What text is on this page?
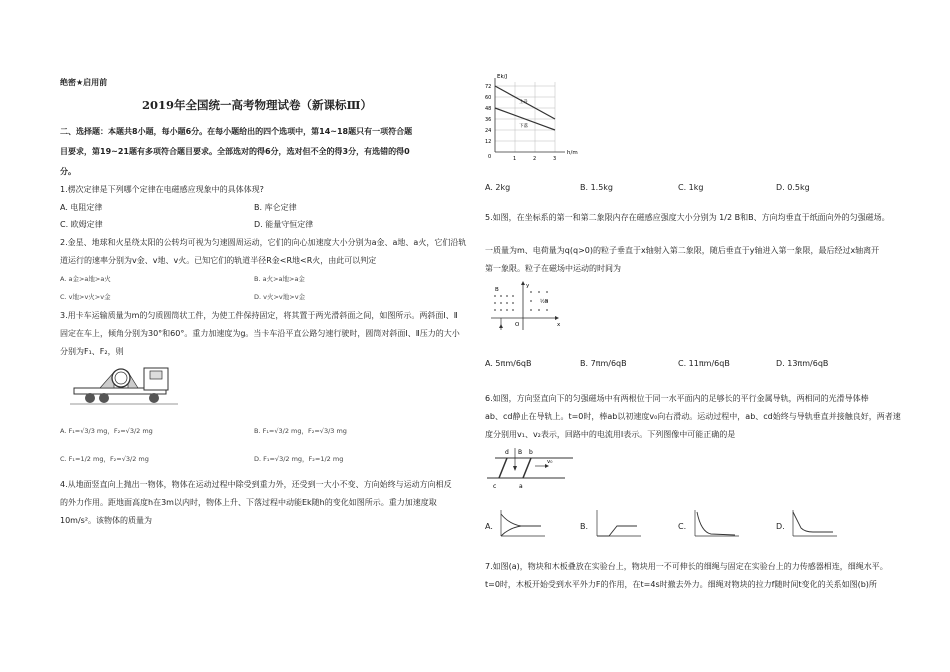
绝密★启用前
2019年全国统一高考物理试卷（新课标Ⅲ）
二、选择题：本题共8小题，每小题6分。在每小题给出的四个选项中，第14~18题只有一项符合题
目要求，第19~21题有多项符合题目要求。全部选对的得6分，选对但不全的得3分，有选错的得0
分。
1.楞次定律是下列哪个定律在电磁感应现象中的具体体现?
A. 电阻定律	B. 库仑定律
C. 欧姆定律	D. 能量守恒定律
2.金星、地球和火星绕太阳的公转均可视为匀速圆周运动，它们的向心加速度大小分别为a金、a地、a火，它们沿轨
道运行的速率分别为v金、v地、v火。已知它们的轨道半径R金<R地<R火，由此可以判定
A. a金>a地>a火	B. a火>a地>a金
C. v地>v火>v金	D. v火>v地>v金
3.用卡车运输质量为m的匀质圆筒状工件，为使工件保持固定，将其置于两光滑斜面之间，如图所示。两斜面Ⅰ、Ⅱ
固定在车上，倾角分别为30°和60°。重力加速度为g。当卡车沿平直公路匀速行驶时，圆筒对斜面Ⅰ、Ⅱ压力的大小
分别为F₁、F₂，则
A. F₁=√3/3 mg，F₂=√3/2 mg	B. F₁=√3/2 mg，F₂=√3/3 mg
C. F₁=1/2 mg，F₂=√3/2 mg	D. F₁=√3/2 mg，F₂=1/2 mg
4.从地面竖直向上抛出一物体，物体在运动过程中除受到重力外，还受到一大小不变、方向始终与运动方向相反
的外力作用。距地面高度h在3m以内时，物体上升、下落过程中动能Ek随h的变化如图所示。重力加速度取
10m/s²。该物体的质量为
Ek/J
h/m
72
60
48
36
24
12
0	1	2	3
上升
下落
A. 2kg	B. 1.5kg	C. 1kg	D. 0.5kg
5.如图，在坐标系的第一和第二象限内存在磁感应强度大小分别为 1/2 B和B、方向均垂直于纸面向外的匀强磁场。
一质量为m、电荷量为q(q>0)的粒子垂直于x轴射入第二象限，随后垂直于y轴进入第一象限，最后经过x轴离开
第一象限。粒子在磁场中运动的时间为
B
½B
y
x
O
A. 5πm/6qB	B. 7πm/6qB	C. 11πm/6qB	D. 13πm/6qB
6.如图，方向竖直向下的匀强磁场中有两根位于同一水平面内的足够长的平行金属导轨，两相同的光滑导体棒
ab、cd静止在导轨上。t=0时，棒ab以初速度v₀向右滑动。运动过程中，ab、cd始终与导轨垂直并接触良好，两者速
度分别用v₁、v₂表示，回路中的电流用I表示。下列图像中可能正确的是
d	b
B
v₀
c	a
A.	B.	C.	D.
7.如图(a)，物块和木板叠放在实验台上，物块用一不可伸长的细绳与固定在实验台上的力传感器相连，细绳水平。
t=0时，木板开始受到水平外力F的作用，在t=4s时撤去外力。细绳对物块的拉力f随时间t变化的关系如图(b)所
